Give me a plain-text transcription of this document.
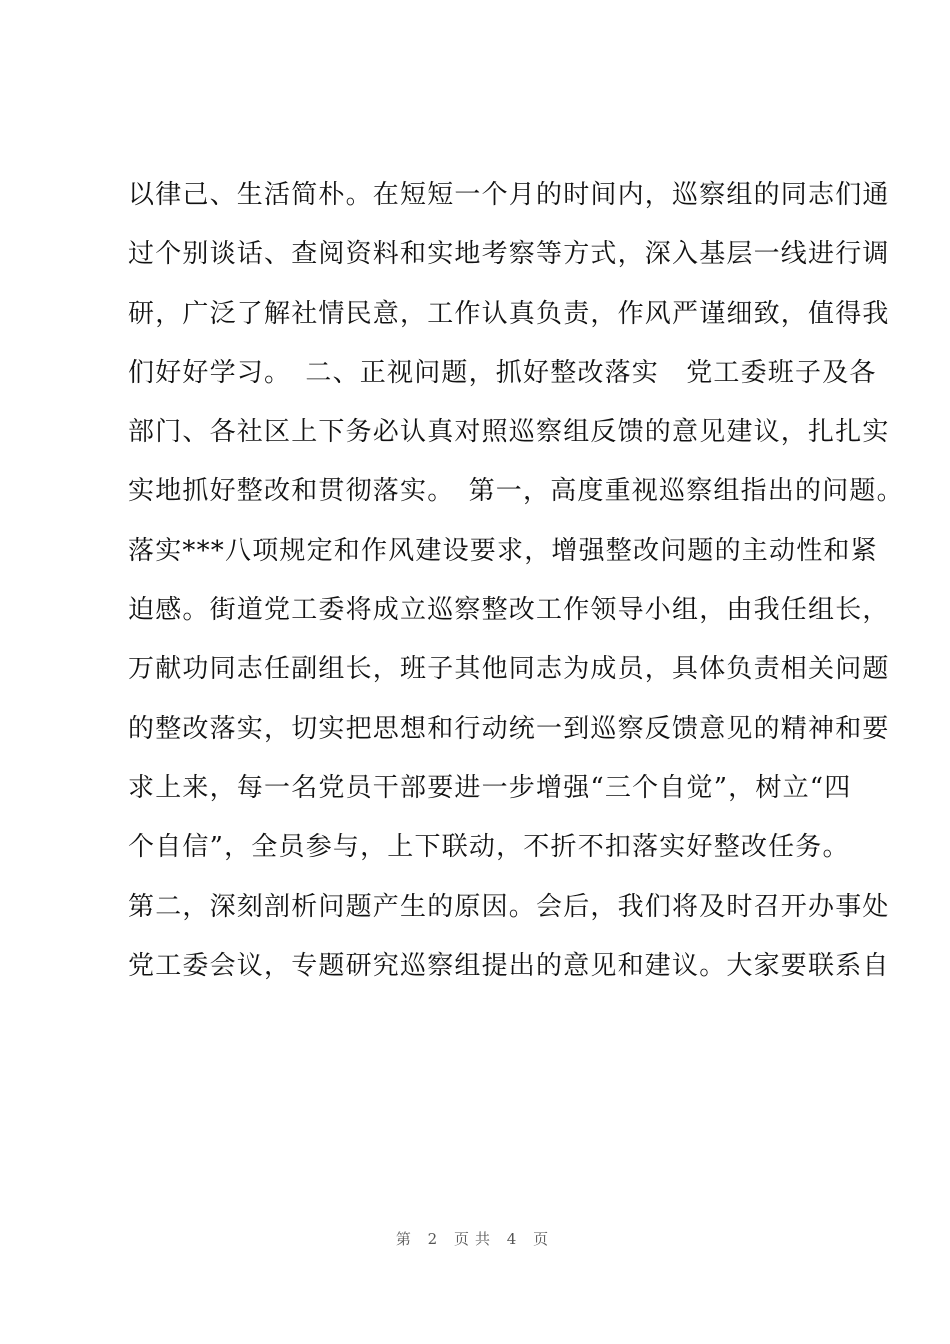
以律己、生活简朴。在短短一个月的时间内，巡察组的同志们通
过个别谈话、查阅资料和实地考察等方式，深入基层一线进行调
研，广泛了解社情民意，工作认真负责，作风严谨细致，值得我
们好好学习。　二、正视问题，抓好整改落实　党工委班子及各
部门、各社区上下务必认真对照巡察组反馈的意见建议，扎扎实
实地抓好整改和贯彻落实。　第一，高度重视巡察组指出的问题。
落实***八项规定和作风建设要求，增强整改问题的主动性和紧
迫感。街道党工委将成立巡察整改工作领导小组，由我任组长，
万献功同志任副组长，班子其他同志为成员，具体负责相关问题
的整改落实，切实把思想和行动统一到巡察反馈意见的精神和要
求上来，每一名党员干部要进一步增强“三个自觉”，树立“四
个自信”，全员参与，上下联动，不折不扣落实好整改任务。
第二，深刻剖析问题产生的原因。会后，我们将及时召开办事处
党工委会议，专题研究巡察组提出的意见和建议。大家要联系自
第 2 页共 4 页
